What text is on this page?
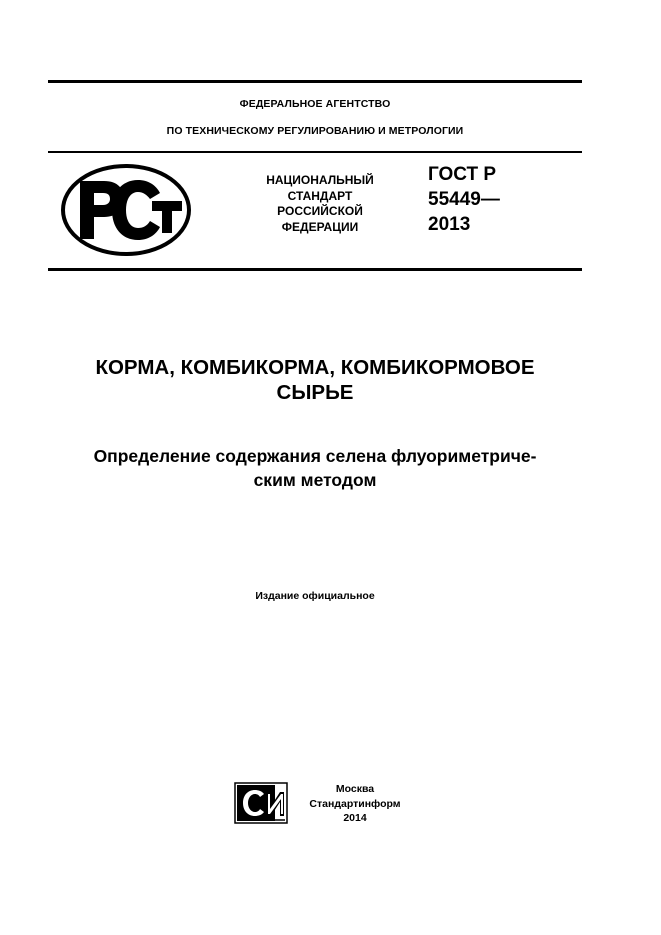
ФЕДЕРАЛЬНОЕ АГЕНТСТВО
ПО ТЕХНИЧЕСКОМУ РЕГУЛИРОВАНИЮ И МЕТРОЛОГИИ
НАЦИОНАЛЬНЫЙ
СТАНДАРТ
РОССИЙСКОЙ
ФЕДЕРАЦИИ
ГОСТ Р
55449—
2013
КОРМА, КОМБИКОРМА, КОМБИКОРМОВОЕ
СЫРЬЕ
Определение содержания селена флуориметриче-
ским методом
Издание официальное
Москва
Стандартинформ
2014
